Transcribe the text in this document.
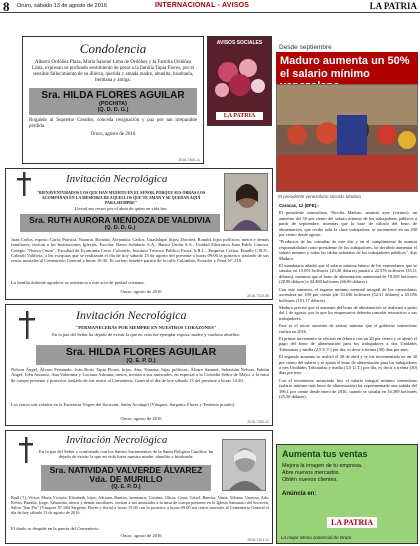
8 Oruro, sábado 13 de agosto de 2016	INTERNACIONAL - AVISOS	LA PATRIA
Condolencia
Alberto Ordóñez Plaza, María Salomé Lima de Ordóñez y la Familia Ordóñez Lima, expresan su profundo sentimiento de pesar a la familia Tapia Flores, por el sensible fallecimiento de su dilecta, querida y amada madre, abuelita, bisabuela, hermana y amiga:
Sra. HILDA FLORES AGUILAR
(POCHITA)
(Q. D. D. G.)
Rogando al Supremo Creador, conceda resignación y paz por tan irreparable pérdida.
Oruro, agosto de 2016
2016-7300-11
AVISOS SOCIALES
LA PATRIA
Invitación Necrológica
"BIENAVENTURADOS LOS QUE HAN MUERTO EN EL SEÑOR, PORQUE SUS OBRAS LOS ACOMPAÑAN EN LA MEMORIA DE AQUELLOS QUE TE AMAN Y SE QUEDAN AQUÍ PARA SIEMPRE"
Llevad sus restos por el alma de quien en vida fue:
Sra. RUTH AURORA MENDOZA DE VALDIVIA
(Q. D. D. G.)
Juan Carlos, esposo; Carla, Patricia, Nazaria, Ricardo, Alejandra, Carlos, Guadalupe, hijos; Dorotea, Ronald, hijos políticos; nietos y demás familiares, invitan a las Instituciones Iglesias, Escolar, Bases Solidario S.A., Banco Unión S.A., Unidad Educativa Juan Pablo Canova, Colegio "Nueva Oruro", Facultad de Economía Cerro Colorado, Instituto Técnico Público Prosa, S.R.L., Empresa Cotiza, Emalle C.B.N., Cabirali Valdivia, a las exequias que se realizarán el día de hoy sábado 13 de agosto del presente a horas 09:00 la posterior traslado de sus restos mortales al Cementerio General a horas 10:30. El cortejo fúnebre partirá de la calle Colombia, Ecuador y Petot N° 218.
La familia doliente agradece su asistencia a este acto de piedad cristiana.
Oruro, agosto de 2016
2016-7310-35
Invitación Necrológica
"PERMANECERÁS POR SIEMPRE EN NUESTROS CORAZONES"
En la paz del Señor ha dejado de existir la que en vida fue ejemplar esposa, madre y cariñosa abuelita:
Sra. HILDA FLORES AGUILAR
(Q. E. P. D.)
Nelson Ángel, Álvaro Fernando, Iván Boris Tapia Flores, hijos; Ana, Ximena, hijas políticas; Álvaro Samuel, Sebastián Nelson, Fabián Ángel, Iván Antonio, Ana Valentina y Luciana Adriana, nietos, invitan a sus amistades, en especial a la Cofradía Señor de Mayo, a la misa de cuerpo presente y posterior traslado de sus restos al Cementerio General el día de hoy sábado 13 del presente a horas 14:30.
Los restos son velados en la Funeraria Virgen del Socavón, Salón Arcángel (Vásquez, Sargento Flores y Teniente proaño).
Oruro, agosto de 2016
2016-7330-12
Invitación Necrológica
En la paz del Señor y confortado con los Santos Sacramentos de la Santa Religión Católica, ha dejado de existir la que en vida fuera nuestra madre, abuelita y bisabuela:
Sra. NATIVIDAD VALVERDE ÁLVAREZ Vda. DE MURILLO
(Q. E. P. D.)
Raúl (†), Víctor, María Victoria, Elizabeth, hijos; Adriana, Ramiro, hermanos; Cristina, Olivia, Cesar, Grisel, Ramiro, Vania, Yohana, Vanessa, Ada, Kevin, Pamela, Jorge, Sebastián, nietos y demás familiares, invitan a sus amistades a la misa de cuerpo presente en la Iglesia Santuario del Socavón, Salón "San Pío" (Vásquez N° 684 Sargento Flores y Soria) a horas 15:00 con la posterior a horas 09:00 sus restos mortales al Cementerio General el día de hoy sábado 13 de agosto de 2016.
El duelo se despide en la puerta del Cementerio.
Oruro, agosto de 2016
2016-7301-11
Desde septiembre
Maduro aumenta un 50% el salario mínimo
El presidente venezolano Nicolás Maduro

Caracas, 12 (EFE).-

El presidente venezolano, Nicolás Maduro, anunció ayer (viernes), un aumento del 50 por ciento del salario mínimo de los trabajadores públicos a partir de septiembre, mientras que la base de cálculo del bono de alimentación, que recibe toda la clase trabajadora, se incrementó en un 200 por ciento desde agosto.

"Productos de las consultas de este día, y en el cumplimiento de nuestra responsabilidad como presidente de los trabajadores, he decidido aumentar el salario mínimo y todas las tablas salariales de los trabajadores públicos", dijo Maduro.

El mandatario añadió que el salario mínimo básico de los venezolanos que se situaba en 15.051 bolívares (23,40 dólares) pasará a 22.576 bolívares (35,11 dólares), mientras que el bono de alimentación aumentará de 18.585 bolívares (28,90 dólares) a 42.480 bolívares (66,06 dólares).

Con este aumento, el ingreso mínimo mensual integral de los venezolanos ascenderá un 100 por ciento (de 33.636 bolívares (52,31 dólares) a 65.056 bolívares (101,17 dólares).

Maduro precisó que el aumento del bono de alimentación se realizará a partir del 1 de agosto, por lo que los empresarios deberán cancelar retroactivo a sus trabajadores.

Este es el tercer aumento de salario mínimo que el gobierno venezolano realiza en 2016.

El primer incremento se efectuó en febrero con un 20 por ciento y se ajustó el pago del bono de alimentación para los trabajadores a dos Unidades Tributarias y media (2,5 U.T.) por día, es decir a treinta (30) días por mes.

El segundo aumento se realizó el 30 de abril y se fue incrementado en un 30 por ciento del salario y se ajustó el bono de alimentación para los trabajadores a tres Unidades Tributarias y media (3,5 U.T.) por día, es decir a treinta (30) días por mes.

Con el incremento anunciado hoy el salario integral mínimo venezolano (salario mínimo más bono de alimentación) ha experimentado una subida del 396,1 por ciento desde enero de 2016, cuando se situaba en 16.389 bolívares (25,50 dólares).

Aumenta tus ventas
Mejora la imagen de tu empresa.
Abre nuevos mercados.
Obtén nuevos clientes.
Anúncia en:
LA PATRIA
La mejor vitrina comercial de Oruro
